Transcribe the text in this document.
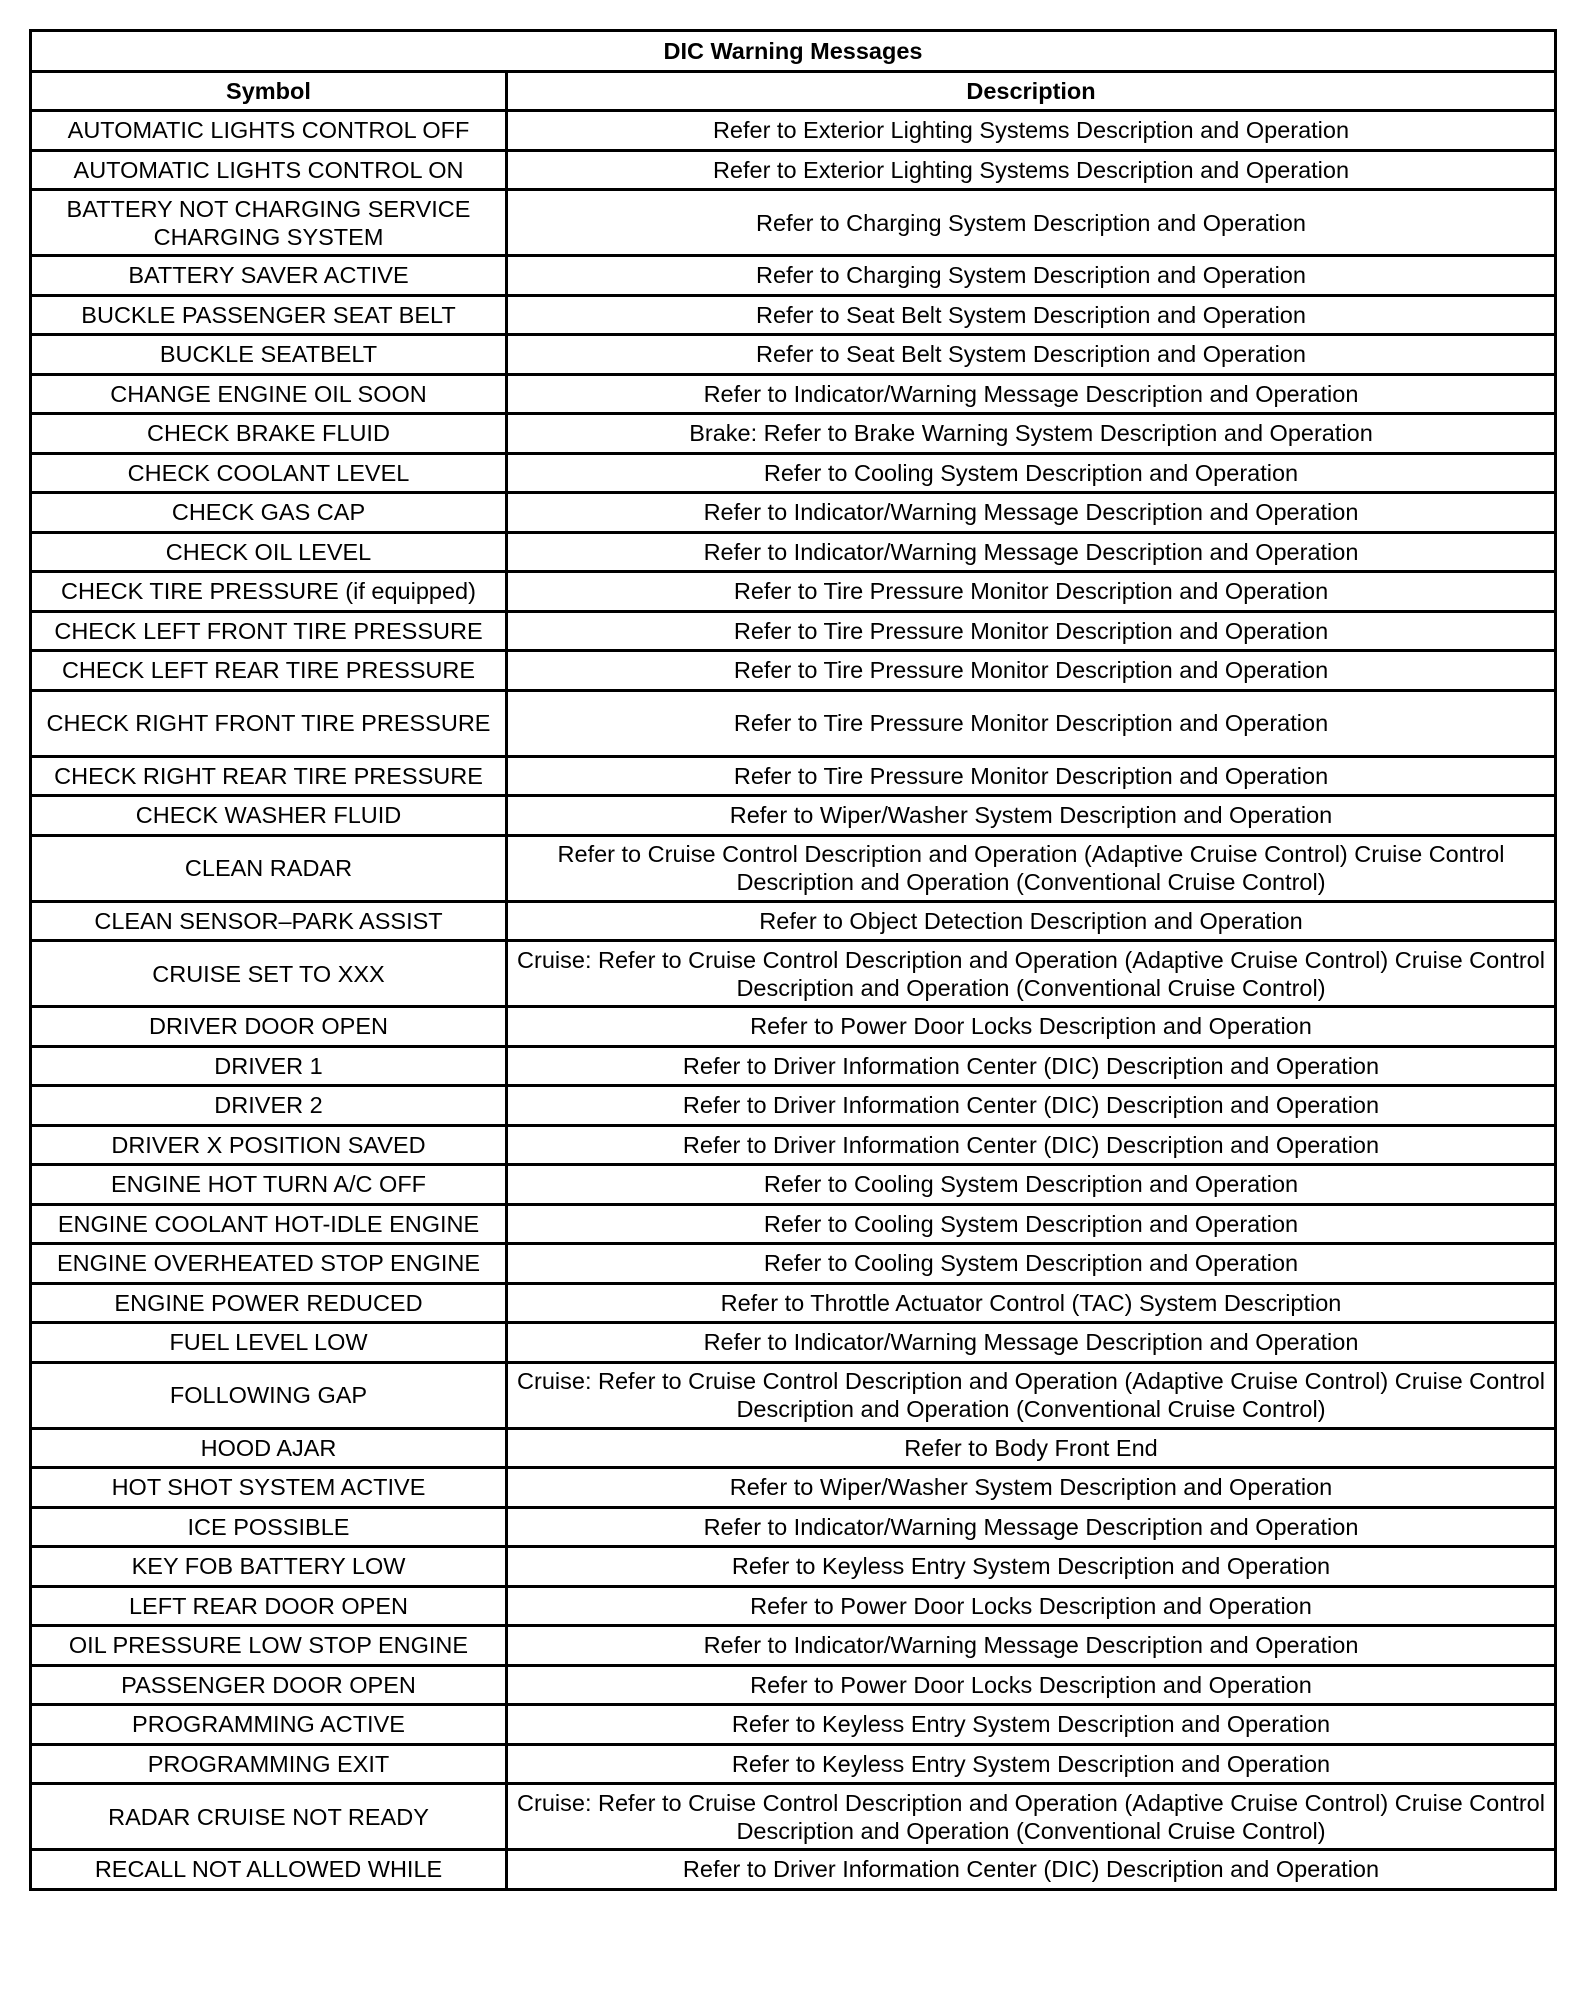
DIC Warning Messages	
Symbol	Description
AUTOMATIC LIGHTS CONTROL OFF	Refer to Exterior Lighting Systems Description and Operation
AUTOMATIC LIGHTS CONTROL ON	Refer to Exterior Lighting Systems Description and Operation
BATTERY NOT CHARGING SERVICE CHARGING SYSTEM	Refer to Charging System Description and Operation
BATTERY SAVER ACTIVE	Refer to Charging System Description and Operation
BUCKLE PASSENGER SEAT BELT	Refer to Seat Belt System Description and Operation
BUCKLE SEATBELT	Refer to Seat Belt System Description and Operation
CHANGE ENGINE OIL SOON	Refer to Indicator/Warning Message Description and Operation
CHECK BRAKE FLUID	Brake: Refer to Brake Warning System Description and Operation
CHECK COOLANT LEVEL	Refer to Cooling System Description and Operation
CHECK GAS CAP	Refer to Indicator/Warning Message Description and Operation
CHECK OIL LEVEL	Refer to Indicator/Warning Message Description and Operation
CHECK TIRE PRESSURE (if equipped)	Refer to Tire Pressure Monitor Description and Operation
CHECK LEFT FRONT TIRE PRESSURE	Refer to Tire Pressure Monitor Description and Operation
CHECK LEFT REAR TIRE PRESSURE	Refer to Tire Pressure Monitor Description and Operation
CHECK RIGHT FRONT TIRE PRESSURE	Refer to Tire Pressure Monitor Description and Operation
CHECK RIGHT REAR TIRE PRESSURE	Refer to Tire Pressure Monitor Description and Operation
CHECK WASHER FLUID	Refer to Wiper/Washer System Description and Operation
CLEAN RADAR	Refer to Cruise Control Description and Operation (Adaptive Cruise Control) Cruise Control Description and Operation (Conventional Cruise Control)
CLEAN SENSOR–PARK ASSIST	Refer to Object Detection Description and Operation
CRUISE SET TO XXX	Cruise: Refer to Cruise Control Description and Operation (Adaptive Cruise Control) Cruise Control Description and Operation (Conventional Cruise Control)
DRIVER DOOR OPEN	Refer to Power Door Locks Description and Operation
DRIVER 1	Refer to Driver Information Center (DIC) Description and Operation
DRIVER 2	Refer to Driver Information Center (DIC) Description and Operation
DRIVER X POSITION SAVED	Refer to Driver Information Center (DIC) Description and Operation
ENGINE HOT TURN A/C OFF	Refer to Cooling System Description and Operation
ENGINE COOLANT HOT-IDLE ENGINE	Refer to Cooling System Description and Operation
ENGINE OVERHEATED STOP ENGINE	Refer to Cooling System Description and Operation
ENGINE POWER REDUCED	Refer to Throttle Actuator Control (TAC) System Description
FUEL LEVEL LOW	Refer to Indicator/Warning Message Description and Operation
FOLLOWING GAP	Cruise: Refer to Cruise Control Description and Operation (Adaptive Cruise Control) Cruise Control Description and Operation (Conventional Cruise Control)
HOOD AJAR	Refer to Body Front End
HOT SHOT SYSTEM ACTIVE	Refer to Wiper/Washer System Description and Operation
ICE POSSIBLE	Refer to Indicator/Warning Message Description and Operation
KEY FOB BATTERY LOW	Refer to Keyless Entry System Description and Operation
LEFT REAR DOOR OPEN	Refer to Power Door Locks Description and Operation
OIL PRESSURE LOW STOP ENGINE	Refer to Indicator/Warning Message Description and Operation
PASSENGER DOOR OPEN	Refer to Power Door Locks Description and Operation
PROGRAMMING ACTIVE	Refer to Keyless Entry System Description and Operation
PROGRAMMING EXIT	Refer to Keyless Entry System Description and Operation
RADAR CRUISE NOT READY	Cruise: Refer to Cruise Control Description and Operation (Adaptive Cruise Control) Cruise Control Description and Operation (Conventional Cruise Control)
RECALL NOT ALLOWED WHILE	Refer to Driver Information Center (DIC) Description and Operation
